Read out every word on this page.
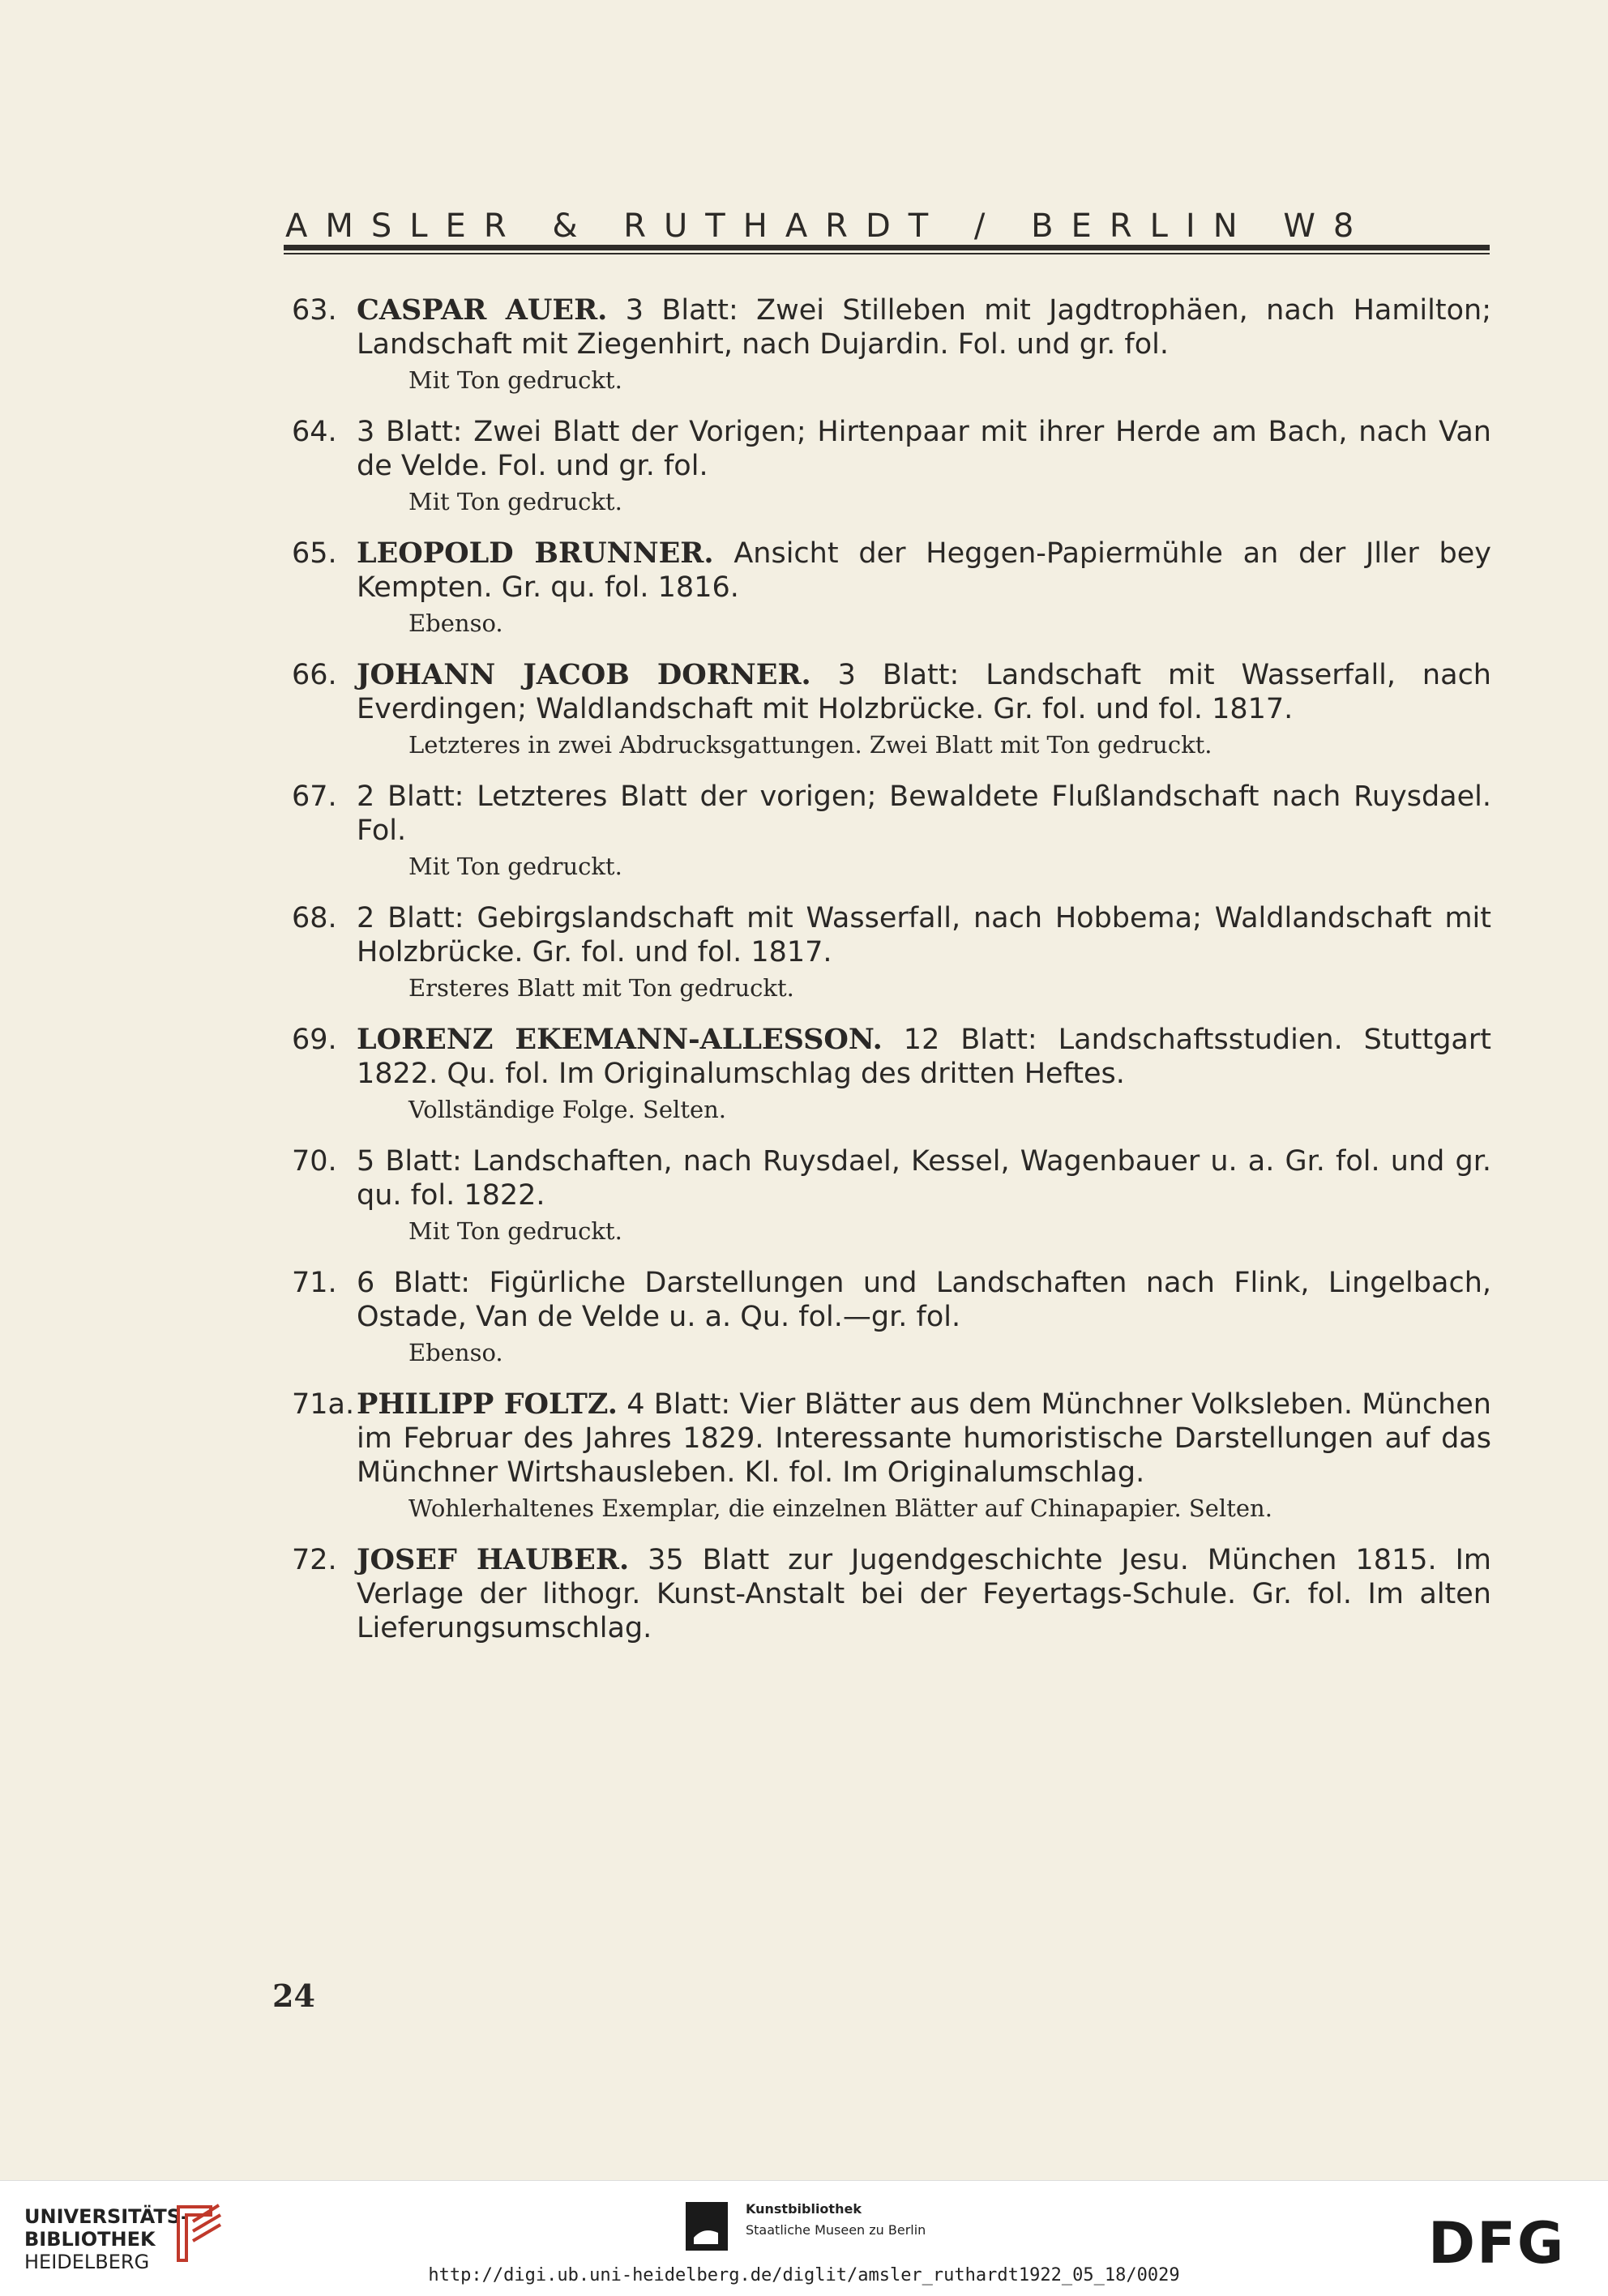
AMSLER & RUTHARDT / BERLIN W8
63. CASPAR AUER. 3 Blatt: Zwei Stilleben mit Jagdtrophäen, nach Hamilton; Landschaft mit Ziegenhirt, nach Dujardin. Fol. und gr. fol.
Mit Ton gedruckt.
64. 3 Blatt: Zwei Blatt der Vorigen; Hirtenpaar mit ihrer Herde am Bach, nach Van de Velde. Fol. und gr. fol.
Mit Ton gedruckt.
65. LEOPOLD BRUNNER. Ansicht der Heggen-Papiermühle an der Jller bey Kempten. Gr. qu. fol. 1816.
Ebenso.
66. JOHANN JACOB DORNER. 3 Blatt: Landschaft mit Wasserfall, nach Everdingen; Waldlandschaft mit Holzbrücke. Gr. fol. und fol. 1817.
Letzteres in zwei Abdrucksgattungen. Zwei Blatt mit Ton gedruckt.
67. 2 Blatt: Letzteres Blatt der vorigen; Bewaldete Flußlandschaft nach Ruysdael. Fol.
Mit Ton gedruckt.
68. 2 Blatt: Gebirgslandschaft mit Wasserfall, nach Hobbema; Waldlandschaft mit Holzbrücke. Gr. fol. und fol. 1817.
Ersteres Blatt mit Ton gedruckt.
69. LORENZ EKEMANN-ALLESSON. 12 Blatt: Landschaftsstudien. Stuttgart 1822. Qu. fol. Im Originalumschlag des dritten Heftes.
Vollständige Folge. Selten.
70. 5 Blatt: Landschaften, nach Ruysdael, Kessel, Wagenbauer u. a. Gr. fol. und gr. qu. fol. 1822.
Mit Ton gedruckt.
71. 6 Blatt: Figürliche Darstellungen und Landschaften nach Flink, Lingelbach, Ostade, Van de Velde u. a. Qu. fol.—gr. fol.
Ebenso.
71a. PHILIPP FOLTZ. 4 Blatt: Vier Blätter aus dem Münchner Volksleben. München im Februar des Jahres 1829. Interessante humoristische Darstellungen auf das Münchner Wirtshausleben. Kl. fol. Im Originalumschlag.
Wohlerhaltenes Exemplar, die einzelnen Blätter auf Chinapapier. Selten.
72. JOSEF HAUBER. 35 Blatt zur Jugendgeschichte Jesu. München 1815. Im Verlage der lithogr. Kunst-Anstalt bei der Feyertags-Schule. Gr. fol. Im alten Lieferungsumschlag.
24
UNIVERSITÄTS-
BIBLIOTHEK
HEIDELBERG
Kunstbibliothek
Staatliche Museen zu Berlin	DFG
http://digi.ub.uni-heidelberg.de/diglit/amsler_ruthardt1922_05_18/0029
